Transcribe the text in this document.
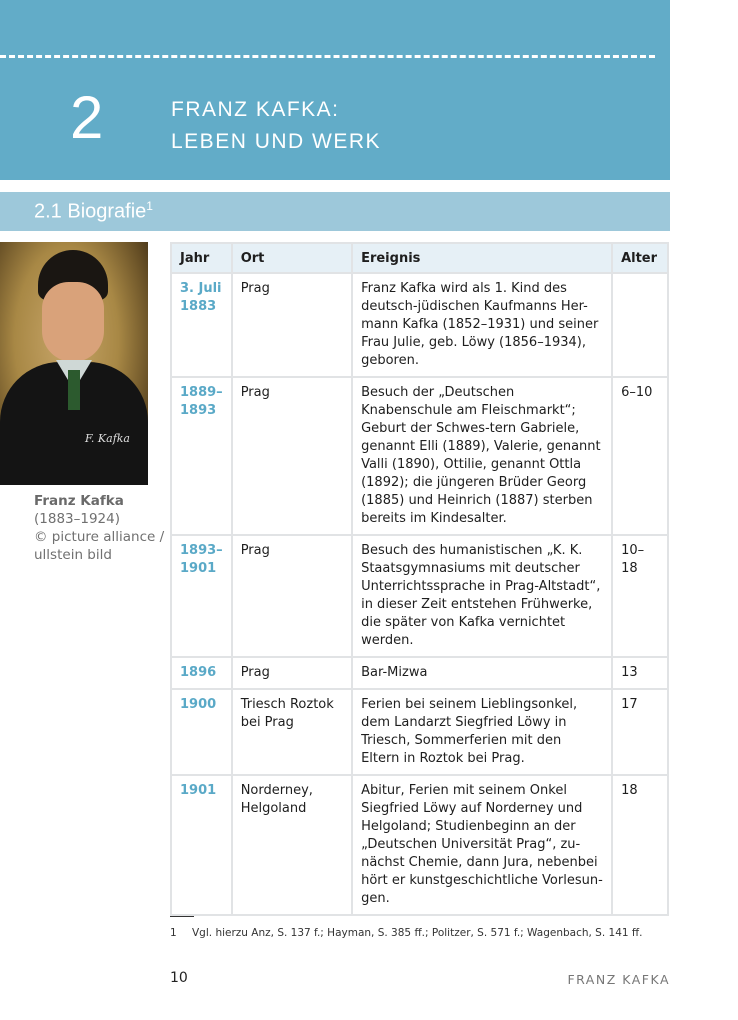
2	FRANZ KAFKA:
LEBEN UND WERK
2.1 Biografie$^1$
F. Kafka
Franz Kafka
(1883–1924)
© picture alliance /
ullstein bild
Jahr	Ort	Ereignis	Alter
3. Juli 1883	Prag	Franz Kafka wird als 1. Kind des deutsch-jüdischen Kaufmanns Her-mann Kafka (1852–1931) und seiner Frau Julie, geb. Löwy (1856–1934), geboren.	
1889–1893	Prag	Besuch der „Deutschen Knabenschule am Fleischmarkt“; Geburt der Schwes-tern Gabriele, genannt Elli (1889), Valerie, genannt Valli (1890), Ottilie, genannt Ottla (1892); die jüngeren Brüder Georg (1885) und Heinrich (1887) sterben bereits im Kindesalter.	6–10
1893–1901	Prag	Besuch des humanistischen „K. K. Staatsgymnasiums mit deutscher Unterrichtssprache in Prag-Altstadt“, in dieser Zeit entstehen Frühwerke, die später von Kafka vernichtet werden.	10–18
1896	Prag	Bar-Mizwa	13
1900	Triesch Roztok bei Prag	Ferien bei seinem Lieblingsonkel, dem Landarzt Siegfried Löwy in Triesch, Sommerferien mit den Eltern in Roztok bei Prag.	17
1901	Norderney, Helgoland	Abitur, Ferien mit seinem Onkel Siegfried Löwy auf Norderney und Helgoland; Studienbeginn an der „Deutschen Universität Prag“, zu-nächst Chemie, dann Jura, nebenbei hört er kunstgeschichtliche Vorlesun-gen.	18
1 Vgl. hierzu Anz, S. 137 f.; Hayman, S. 385 ff.; Politzer, S. 571 f.; Wagenbach, S. 141 ff.
10	FRANZ KAFKA
